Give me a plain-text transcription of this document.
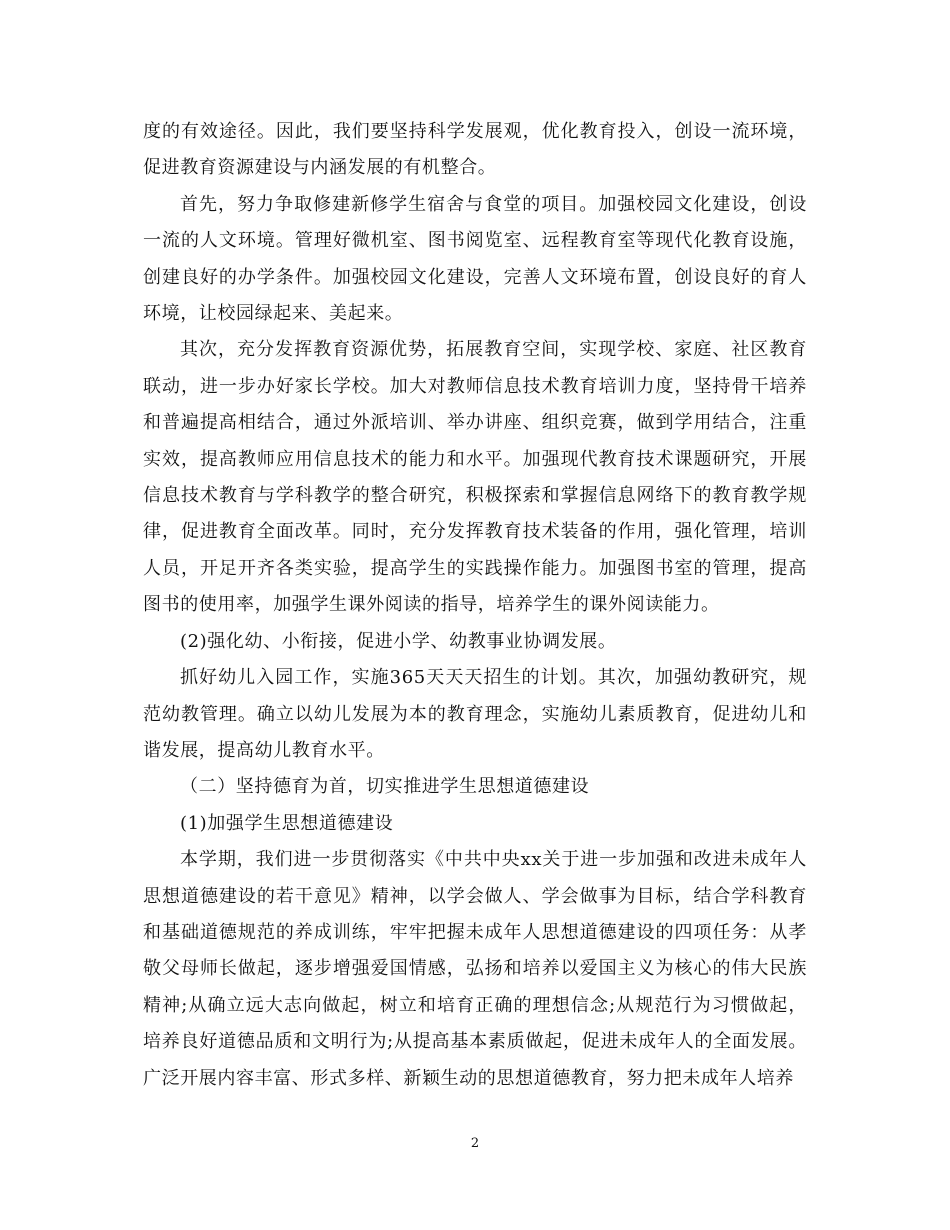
度的有效途径。因此，我们要坚持科学发展观，优化教育投入，创设一流环境，促进教育资源建设与内涵发展的有机整合。

首先，努力争取修建新修学生宿舍与食堂的项目。加强校园文化建设，创设一流的人文环境。管理好微机室、图书阅览室、远程教育室等现代化教育设施，创建良好的办学条件。加强校园文化建设，完善人文环境布置，创设良好的育人环境，让校园绿起来、美起来。

其次，充分发挥教育资源优势，拓展教育空间，实现学校、家庭、社区教育联动，进一步办好家长学校。加大对教师信息技术教育培训力度，坚持骨干培养和普遍提高相结合，通过外派培训、举办讲座、组织竞赛，做到学用结合，注重实效，提高教师应用信息技术的能力和水平。加强现代教育技术课题研究，开展信息技术教育与学科教学的整合研究，积极探索和掌握信息网络下的教育教学规律，促进教育全面改革。同时，充分发挥教育技术装备的作用，强化管理，培训人员，开足开齐各类实验，提高学生的实践操作能力。加强图书室的管理，提高图书的使用率，加强学生课外阅读的指导，培养学生的课外阅读能力。

(2)强化幼、小衔接，促进小学、幼教事业协调发展。

抓好幼儿入园工作，实施365天天天招生的计划。其次，加强幼教研究，规范幼教管理。确立以幼儿发展为本的教育理念，实施幼儿素质教育，促进幼儿和谐发展，提高幼儿教育水平。

（二）坚持德育为首，切实推进学生思想道德建设

(1)加强学生思想道德建设

本学期，我们进一步贯彻落实《中共中央xx关于进一步加强和改进未成年人思想道德建设的若干意见》精神，以学会做人、学会做事为目标，结合学科教育和基础道德规范的养成训练，牢牢把握未成年人思想道德建设的四项任务：从孝敬父母师长做起，逐步增强爱国情感，弘扬和培养以爱国主义为核心的伟大民族精神;从确立远大志向做起，树立和培育正确的理想信念;从规范行为习惯做起，培养良好道德品质和文明行为;从提高基本素质做起，促进未成年人的全面发展。广泛开展内容丰富、形式多样、新颖生动的思想道德教育，努力把未成年人培养

2
